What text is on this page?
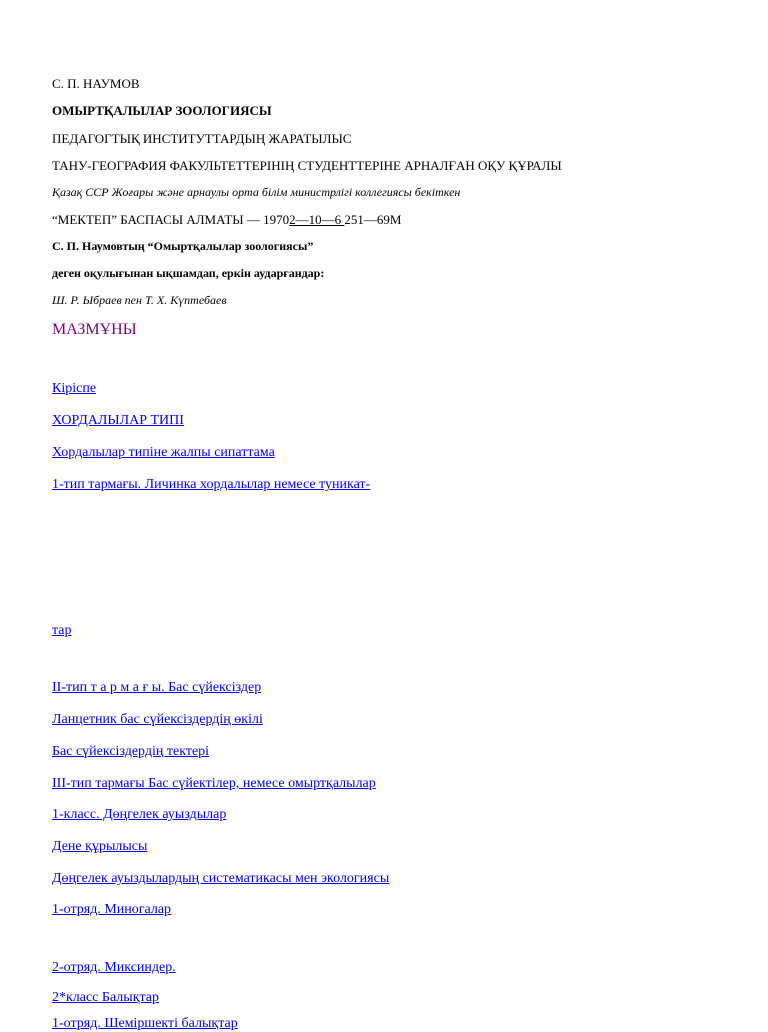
С. П. НАУМОВ
ОМЫРТҚАЛЫЛАР ЗООЛОГИЯСЫ
ПЕДАГОГТЫҚ ИНСТИТУТТАРДЫҢ ЖАРАТЫЛЫС
ТАНУ-ГЕОГРАФИЯ ФАКУЛЬТЕТТЕРІНІҢ СТУДЕНТТЕРІНЕ АРНАЛҒАН ОҚУ ҚҰРАЛЫ
Қазақ ССР Жоғары және арнаулы орта білім министрлігі коллегиясы бекіткен
“МЕКТЕП” БАСПАСЫ АЛМАТЫ — 19702—10—6 251—69М
С. П. Наумовтың “Омыртқалылар зоологиясы”
деген оқулығынан ықшамдап, еркін аударғандар:
Ш. Р. Ыбраев пен Т. Х. Күптебаев
МАЗМҰНЫ
Кіріспе
ХОРДАЛЫЛАР ТИПІ
Хордалылар типіне жалпы сипаттама
1-тип тармағы. Личинка хордалылар немесе туникат-
тар
ІІ-тип т а р м а ғ ы. Бас сүйексіздер
Ланцетник бас сүйексіздердің өкілі
Бас сүйексіздердің тектері
ІІІ-тип тармағы Бас сүйектілер, немесе омыртқалылар
1-класс. Дөңгелек ауыздылар
Дене құрылысы
Дөңгелек ауыздылардың систематикасы мен экологиясы
1-отряд. Миногалар
2-отряд. Миксиндер.
2*класс Балықтар
1-отряд. Шеміршекті балықтар
